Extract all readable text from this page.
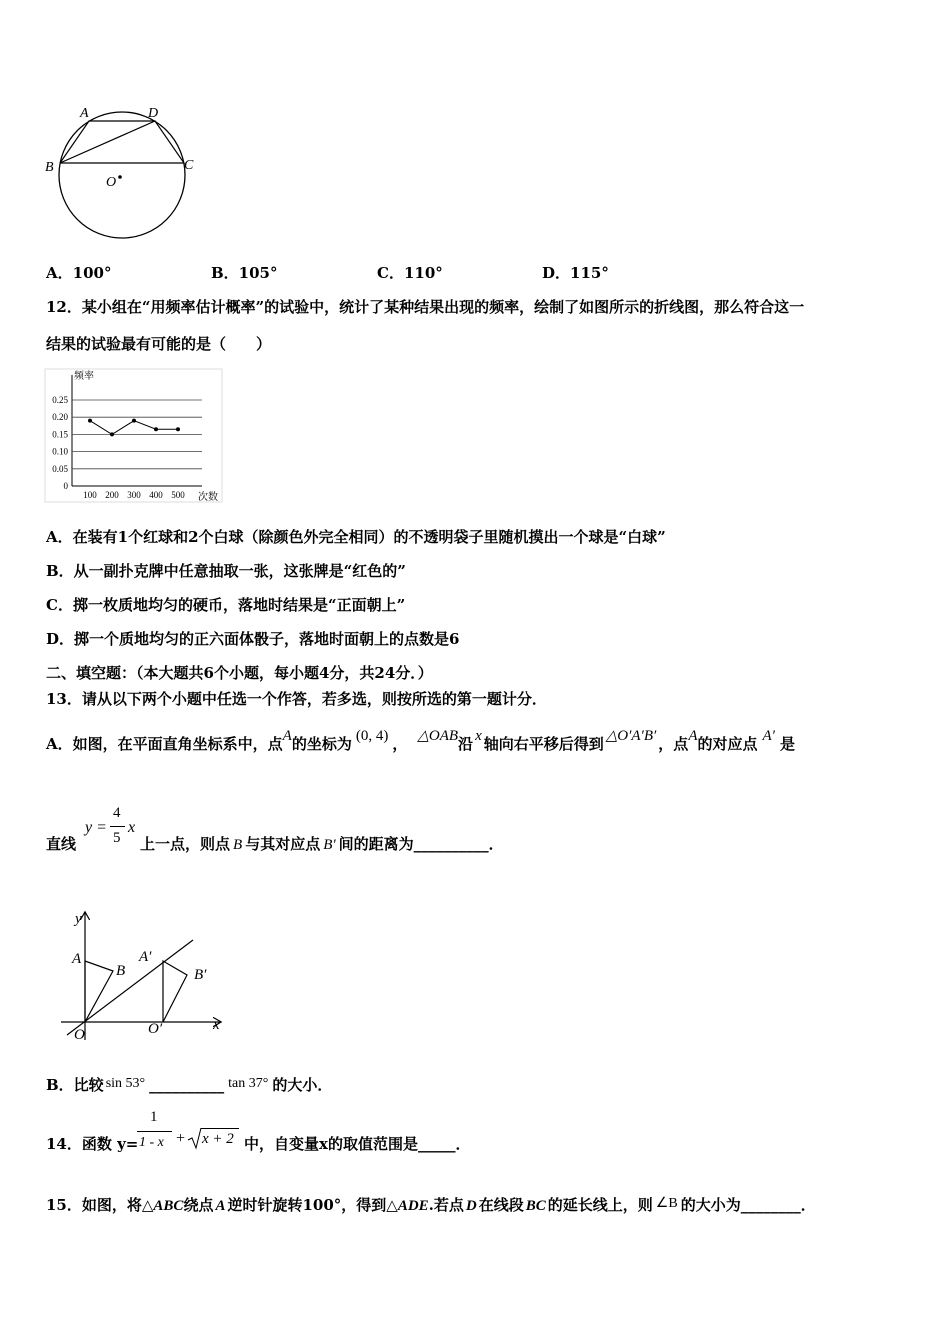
A	D
B	C
O
A．100°	B．105°	C．110°	D．115°
12．某小组在“用频率估计概率”的试验中，统计了某种结果出现的频率，绘制了如图所示的折线图，那么符合这一
结果的试验最有可能的是（　　）
频率
次数
0.25
0.20
0.15
0.10
0.05
0
100 200 300 400 500
A．在装有1个红球和2个白球（除颜色外完全相同）的不透明袋子里随机摸出一个球是“白球”
B．从一副扑克牌中任意抽取一张，这张牌是“红色的”
C．掷一枚质地均匀的硬币，落地时结果是“正面朝上”
D．掷一个质地均匀的正六面体骰子，落地时面朝上的点数是6
二、填空题：（本大题共6个小题，每小题4分，共24分．）
13．请从以下两个小题中任选一个作答，若多选，则按所选的第一题计分．
A．如图，在平面直角坐标系中，点A的坐标为 (0, 4) ， △OAB沿 x 轴向右平移后得到 △O′A′B′ ，点A的对应点 A′ 是
直线
y =
4
5
x
上一点，则点 B 与其对应点 B′ 间的距离为__________．
y
x
A
B
A′
B′
O	O′
B．比较 sin 53° __________ tan 37° 的大小．
14．函数 y=
1
1 - x + x + 2 中，自变量x的取值范围是_____．
15．如图，将△ABC绕点 A 逆时针旋转100°，得到△ADE.若点 D 在线段 BC 的延长线上，则 ∠B 的大小为________．
